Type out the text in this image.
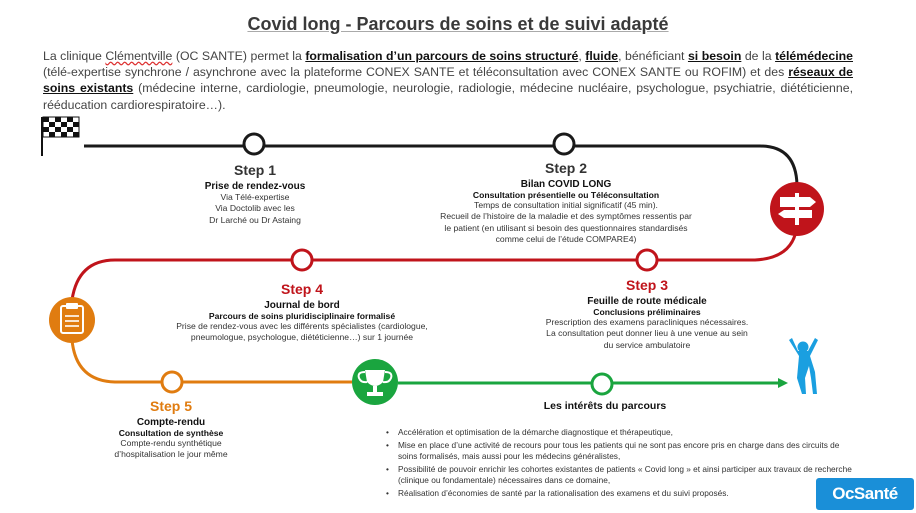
Covid long - Parcours de soins et de suivi adapté
La clinique Clémentville (OC SANTE) permet la formalisation d’un parcours de soins structuré, fluide, bénéficiant si besoin de la télémédecine (télé-expertise synchrone / asynchrone avec la plateforme CONEX SANTE et téléconsultation avec CONEX SANTE ou ROFIM) et des réseaux de soins existants (médecine interne, cardiologie, pneumologie, neurologie, radiologie, médecine nucléaire, psychologue, psychiatrie, diététicienne, rééducation cardiorespiratoire…).
Step 1
Prise de rendez-vous
Via Télé-expertise
Via Doctolib avec les
Dr Larché ou Dr Astaing
Step 2
Bilan COVID LONG
Consultation présentielle ou Téléconsultation
Temps de consultation initial significatif (45 min).
Recueil de l’histoire de la maladie et des symptômes ressentis par
le patient (en utilisant si besoin des questionnaires standardisés
comme celui de l’étude COMPARE4)
Step 3
Feuille de route médicale
Conclusions préliminaires
Prescription des examens paracliniques nécessaires.
La consultation peut donner lieu à une venue au sein
du service ambulatoire
Step 4
Journal de bord
Parcours de soins pluridisciplinaire formalisé
Prise de rendez-vous avec les différents spécialistes (cardiologue,
pneumologue, psychologue, diététicienne…) sur 1 journée
Step 5
Compte-rendu
Consultation de synthèse
Compte-rendu synthétique
d’hospitalisation le jour même
Les intérêts du parcours
• Accélération et optimisation de la démarche diagnostique et thérapeutique,
• Mise en place d’une activité de recours pour tous les patients qui ne sont pas encore pris en charge dans des circuits de soins formalisés, mais aussi pour les médecins généralistes,
• Possibilité de pouvoir enrichir les cohortes existantes de patients « Covid long » et ainsi participer aux travaux de recherche (clinique ou fondamentale) nécessaires dans ce domaine,
• Réalisation d’économies de santé par la rationalisation des examens et du suivi proposés.	OcSanté
